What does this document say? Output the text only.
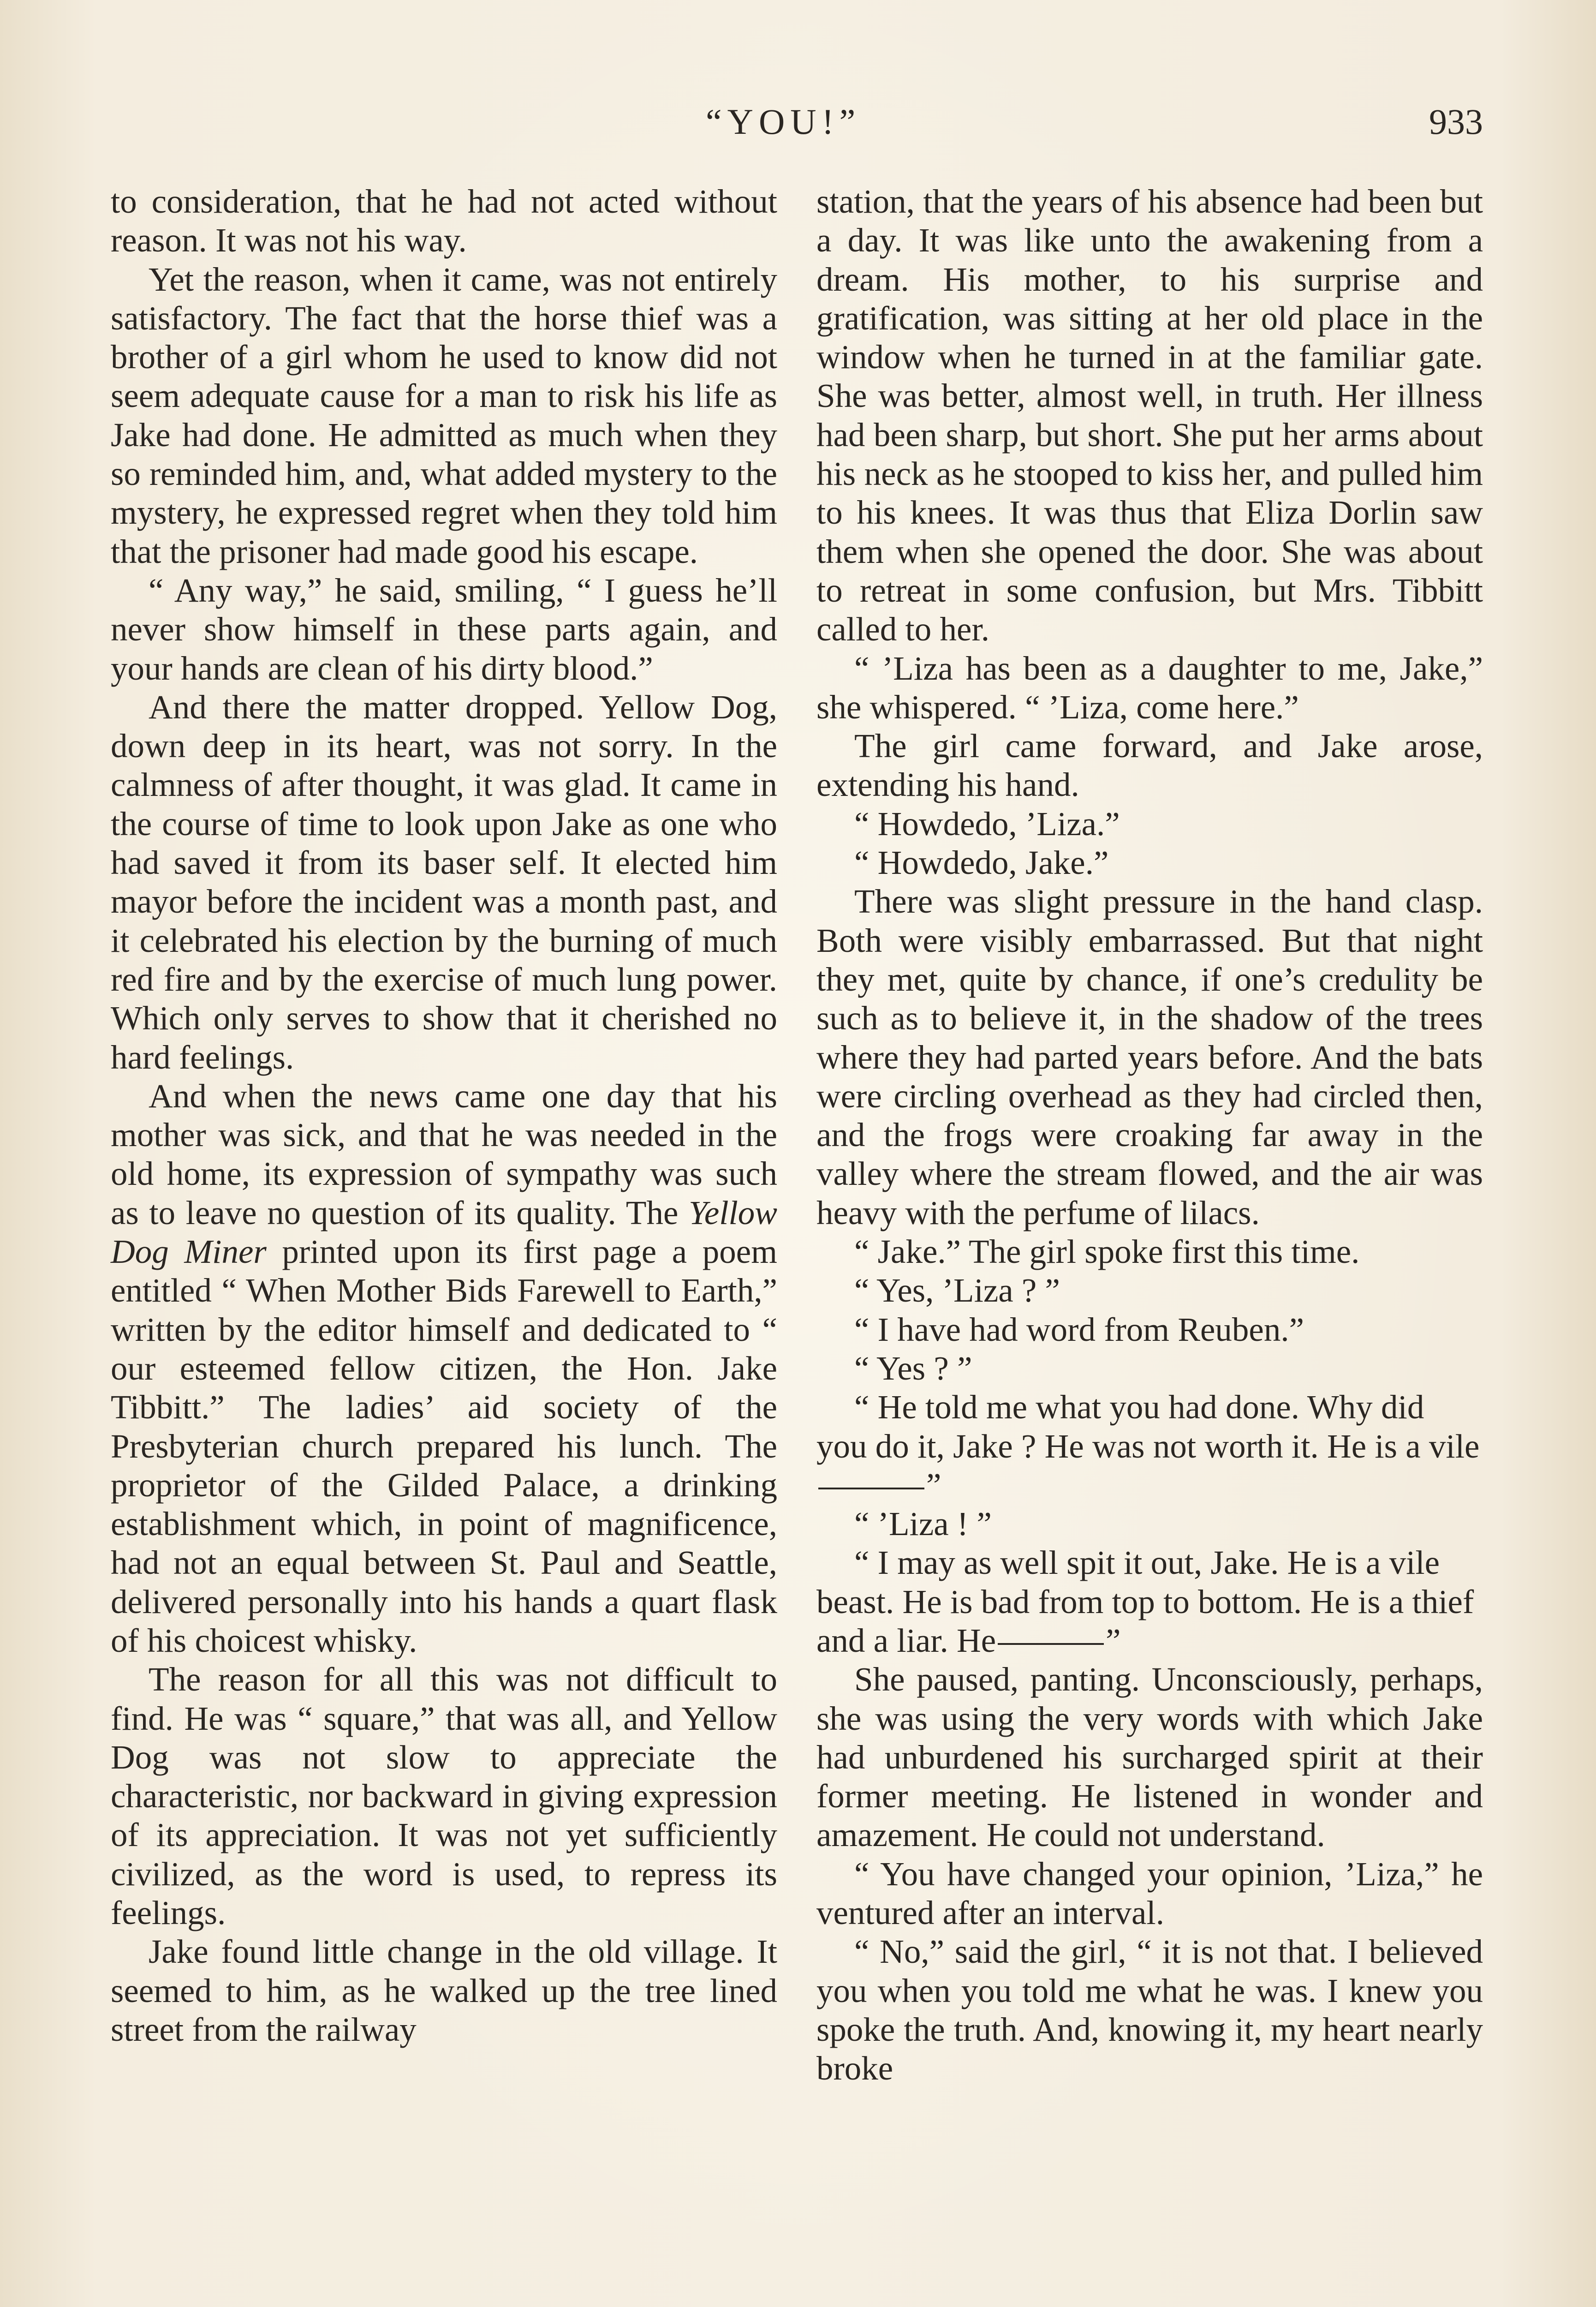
“YOU!”	933

to consideration, that he had not acted without reason. It was not his way.

Yet the reason, when it came, was not entirely satisfactory. The fact that the horse thief was a brother of a girl whom he used to know did not seem adequate cause for a man to risk his life as Jake had done. He admitted as much when they so reminded him, and, what added mystery to the mystery, he expressed regret when they told him that the prisoner had made good his escape.

“ Any way,” he said, smiling, “ I guess he’ll never show himself in these parts again, and your hands are clean of his dirty blood.”

And there the matter dropped. Yellow Dog, down deep in its heart, was not sorry. In the calmness of after thought, it was glad. It came in the course of time to look upon Jake as one who had saved it from its baser self. It elected him mayor before the incident was a month past, and it celebrated his election by the burning of much red fire and by the exercise of much lung power. Which only serves to show that it cherished no hard feelings.

And when the news came one day that his mother was sick, and that he was needed in the old home, its expression of sympathy was such as to leave no question of its quality. The Yellow Dog Miner printed upon its first page a poem entitled “ When Mother Bids Farewell to Earth,” written by the editor himself and dedicated to “ our esteemed fellow citizen, the Hon. Jake Tibbitt.” The ladies’ aid society of the Presbyterian church prepared his lunch. The proprietor of the Gilded Palace, a drinking establishment which, in point of magnificence, had not an equal between St. Paul and Seattle, delivered personally into his hands a quart flask of his choicest whisky.

The reason for all this was not difficult to find. He was “ square,” that was all, and Yellow Dog was not slow to appreciate the characteristic, nor backward in giving expression of its appreciation. It was not yet sufficiently civilized, as the word is used, to repress its feelings.

Jake found little change in the old village. It seemed to him, as he walked up the tree lined street from the railway

station, that the years of his absence had been but a day. It was like unto the awakening from a dream. His mother, to his surprise and gratification, was sitting at her old place in the window when he turned in at the familiar gate. She was better, almost well, in truth. Her illness had been sharp, but short. She put her arms about his neck as he stooped to kiss her, and pulled him to his knees. It was thus that Eliza Dorlin saw them when she opened the door. She was about to retreat in some confusion, but Mrs. Tibbitt called to her.

“ ’Liza has been as a daughter to me, Jake,” she whispered. “ ’Liza, come here.”

The girl came forward, and Jake arose, extending his hand.

“ Howdedo, ’Liza.”

“ Howdedo, Jake.”

There was slight pressure in the hand clasp. Both were visibly embarrassed. But that night they met, quite by chance, if one’s credulity be such as to believe it, in the shadow of the trees where they had parted years before. And the bats were circling overhead as they had circled then, and the frogs were croaking far away in the valley where the stream flowed, and the air was heavy with the perfume of lilacs.

“ Jake.” The girl spoke first this time.

“ Yes, ’Liza ? ”

“ I have had word from Reuben.”

“ Yes ? ”

“ He told me what you had done. Why did you do it, Jake ? He was not worth it. He is a vile”

“ ’Liza ! ”

“ I may as well spit it out, Jake. He is a vile beast. He is bad from top to bottom. He is a thief and a liar. He	”

She paused, panting. Unconsciously, perhaps, she was using the very words with which Jake had unburdened his surcharged spirit at their former meeting. He listened in wonder and amazement. He could not understand.

“ You have changed your opinion, ’Liza,” he ventured after an interval.

“ No,” said the girl, “ it is not that. I believed you when you told me what he was. I knew you spoke the truth. And, knowing it, my heart nearly broke
